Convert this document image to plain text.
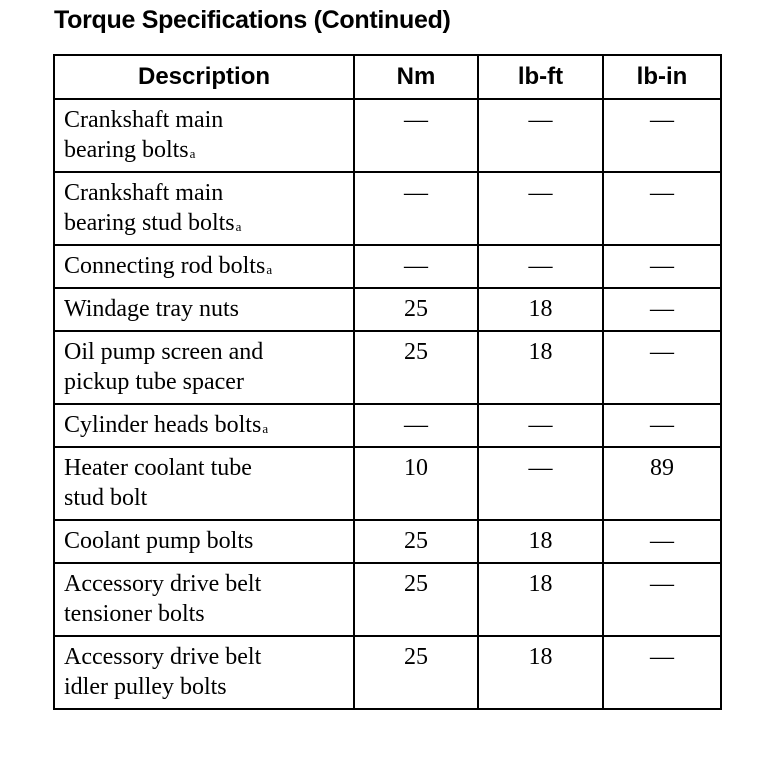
Torque Specifications (Continued)
Description	Nm	lb-ft	lb-in

Crankshaft main
bearing bolts$^a$	—	—	—

Crankshaft main
bearing stud bolts$^a$	—	—	—

Connecting rod bolts$^a$	—	—	—

Windage tray nuts	25	18	—

Oil pump screen and
pickup tube spacer	25	18	—

Cylinder heads bolts$^a$	—	—	—

Heater coolant tube
stud bolt	10	—	89

Coolant pump bolts	25	18	—

Accessory drive belt
tensioner bolts	25	18	—

Accessory drive belt
idler pulley bolts	25	18	—
